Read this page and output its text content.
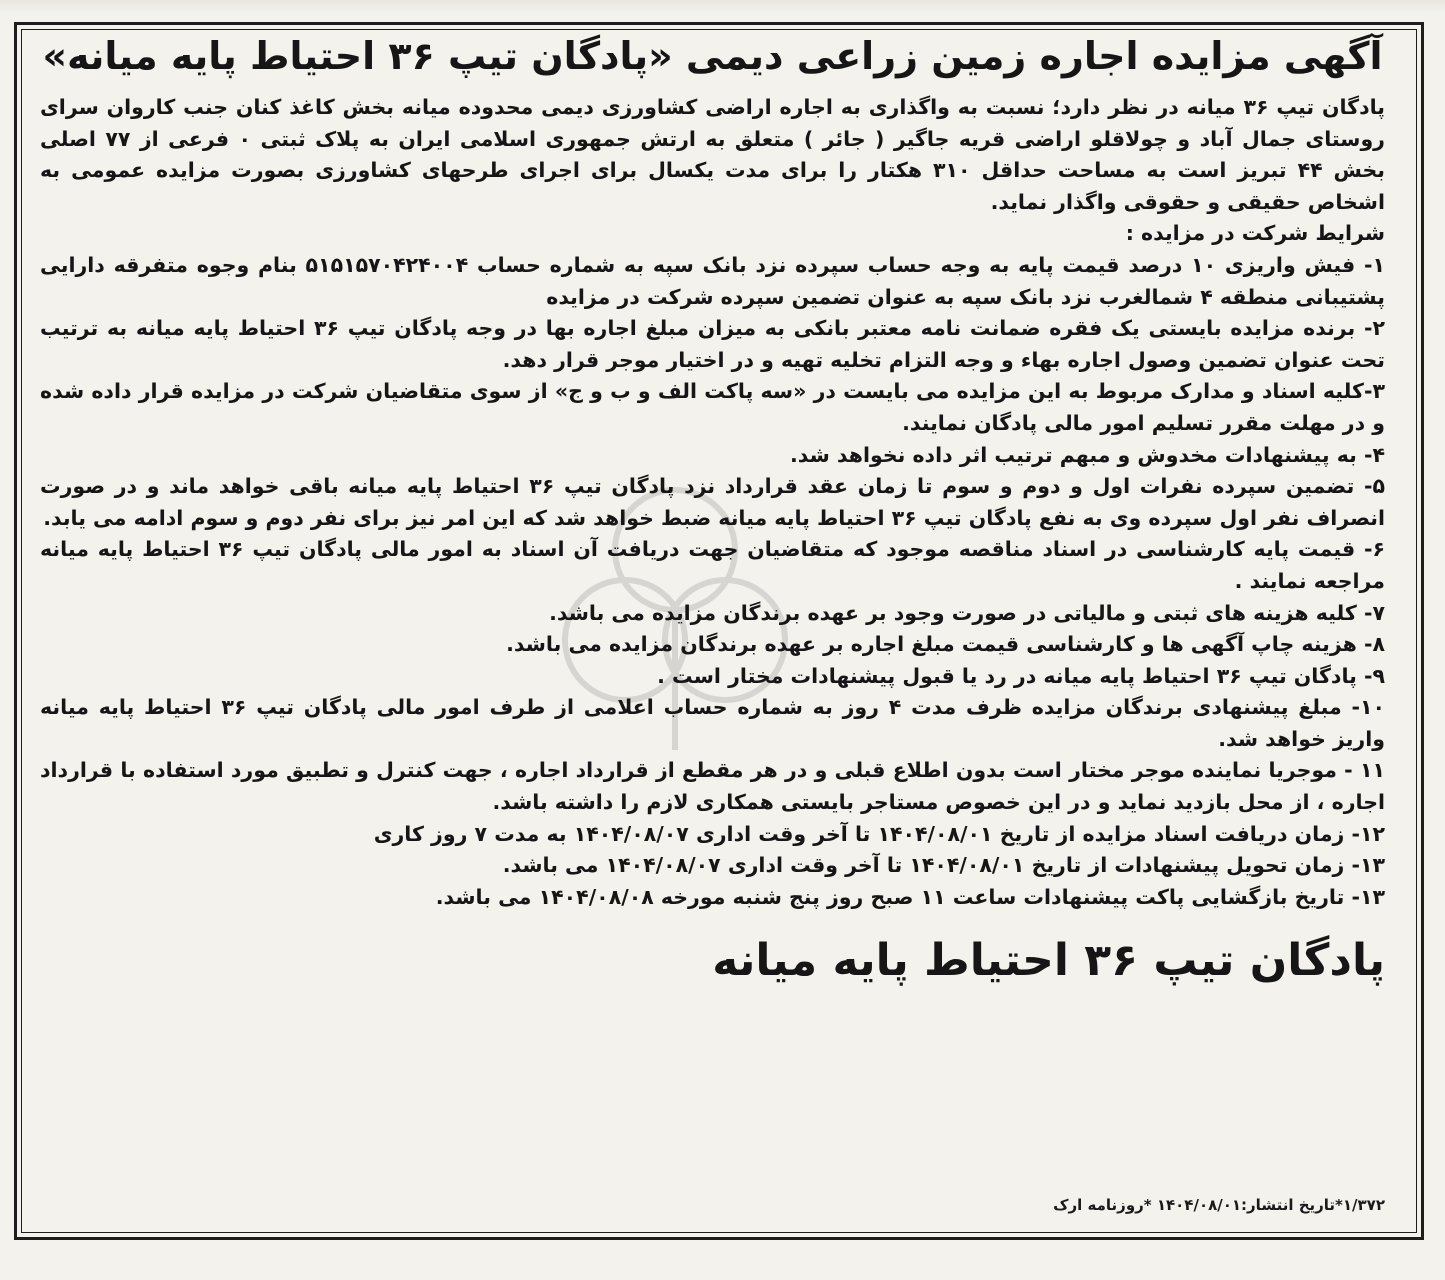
آگهی مزایده اجاره زمین زراعی دیمی «پادگان تیپ ۳۶ احتیاط پایه میانه»

پادگان تیپ ۳۶ میانه در نظر دارد؛ نسبت به واگذاری به اجاره اراضی کشاورزی دیمی محدوده میانه بخش کاغذ کنان جنب کاروان سرای روستای جمال آباد و چولاقلو اراضی قریه جاگیر ( جائر ) متعلق به ارتش جمهوری اسلامی ایران به پلاک ثبتی ۰ فرعی از ۷۷ اصلی بخش ۴۴ تبریز است به مساحت حداقل ۳۱۰ هکتار را برای مدت یکسال برای اجرای طرحهای کشاورزی بصورت مزایده عمومی به اشخاص حقیقی و حقوقی واگذار نماید.

شرایط شرکت در مزایده :

۱- فیش واریزی ۱۰ درصد قیمت پایه به وجه حساب سپرده نزد بانک سپه به شماره حساب ۵۱۵۱۵۷۰۴۲۴۰۰۴ بنام وجوه متفرقه دارایی پشتیبانی منطقه ۴ شمالغرب نزد بانک سپه به عنوان تضمین سپرده شرکت در مزایده

۲- برنده مزایده بایستی یک فقره ضمانت نامه معتبر بانکی به میزان مبلغ اجاره بها در وجه پادگان تیپ ۳۶ احتیاط پایه میانه به ترتیب تحت عنوان تضمین وصول اجاره بهاء و وجه التزام تخلیه تهیه و در اختیار موجر قرار دهد.

۳-کلیه اسناد و مدارک مربوط به این مزایده می بایست در «سه پاکت الف و ب و ج» از سوی متقاضیان شرکت در مزایده قرار داده شده و در مهلت مقرر تسلیم امور مالی پادگان نمایند.

۴- به پیشنهادات مخدوش و مبهم ترتیب اثر داده نخواهد شد.

۵- تضمین سپرده نفرات اول و دوم و سوم تا زمان عقد قرارداد نزد پادگان تیپ ۳۶ احتیاط پایه میانه باقی خواهد ماند و در صورت انصراف نفر اول سپرده وی به نفع پادگان تیپ ۳۶ احتیاط پایه میانه ضبط خواهد شد که این امر نیز برای نفر دوم و سوم ادامه می یابد.

۶- قیمت پایه کارشناسی در اسناد مناقصه موجود که متقاضیان جهت دریافت آن اسناد به امور مالی پادگان تیپ ۳۶ احتیاط پایه میانه مراجعه نمایند .

۷- کلیه هزینه های ثبتی و مالیاتی در صورت وجود بر عهده برندگان مزایده می باشد.

۸- هزینه چاپ آگهی ها و کارشناسی قیمت مبلغ اجاره بر عهده برندگان مزایده می باشد.

۹- پادگان تیپ ۳۶ احتیاط پایه میانه در رد یا قبول پیشنهادات مختار است .

۱۰- مبلغ پیشنهادی برندگان مزایده ظرف مدت ۴ روز به شماره حساب اعلامی از طرف امور مالی پادگان تیپ ۳۶ احتیاط پایه میانه واریز خواهد شد.

۱۱ - موجریا نماینده موجر مختار است بدون اطلاع قبلی و در هر مقطع از قرارداد اجاره ، جهت کنترل و تطبیق مورد استفاده با قرارداد اجاره ، از محل بازدید نماید و در این خصوص مستاجر بایستی همکاری لازم را داشته باشد.

۱۲- زمان دریافت اسناد مزایده از تاریخ ۱۴۰۴/۰۸/۰۱ تا آخر وقت اداری ۱۴۰۴/۰۸/۰۷ به مدت ۷ روز کاری

۱۳- زمان تحویل پیشنهادات از تاریخ ۱۴۰۴/۰۸/۰۱ تا آخر وقت اداری ۱۴۰۴/۰۸/۰۷ می باشد.

۱۳- تاریخ بازگشایی پاکت پیشنهادات ساعت ۱۱ صبح روز پنج شنبه مورخه ۱۴۰۴/۰۸/۰۸ می باشد.

پادگان تیپ ۳۶ احتیاط پایه میانه
۱/۳۷۲*تاریخ انتشار:۱۴۰۴/۰۸/۰۱ *روزنامه ارک
